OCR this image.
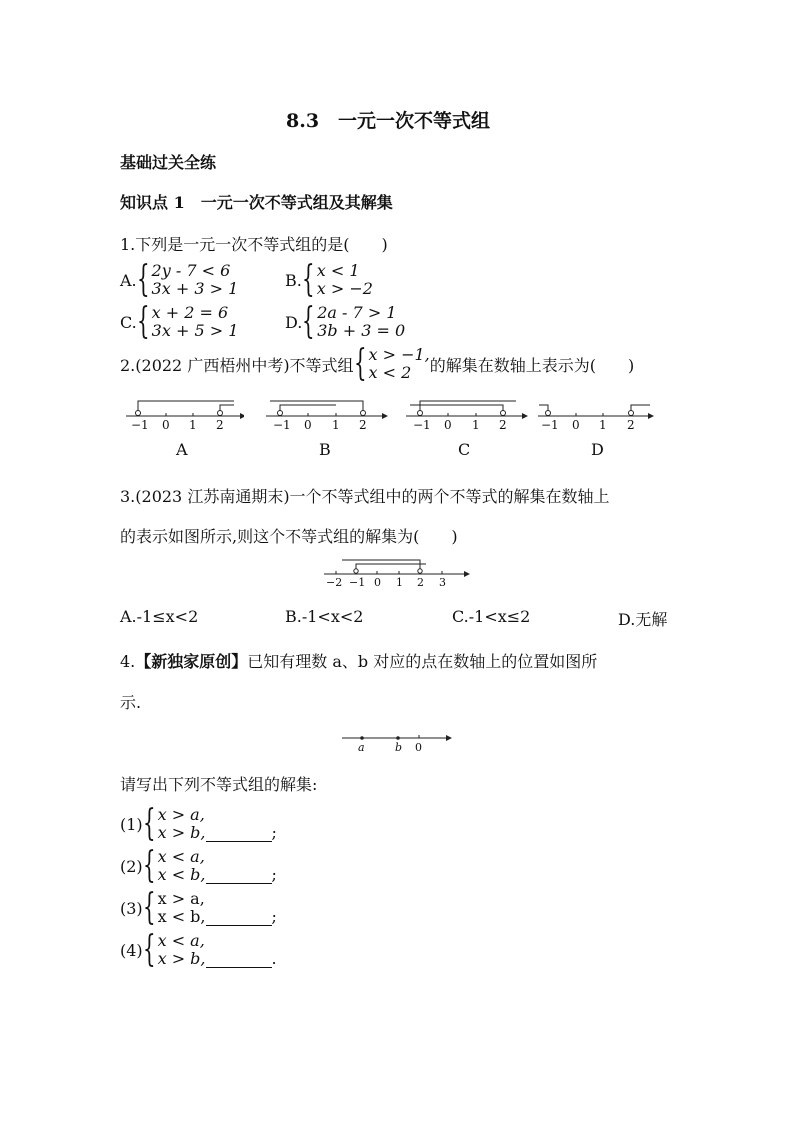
8.3　一元一次不等式组
基础过关全练
知识点 1　一元一次不等式组及其解集
1.下列是一元一次不等式组的是(　　)
A. { 2y - 7 < 6
3x + 3 > 1	B. { x < 1
x > −2
C. { x + 2 = 6
3x + 5 > 1	D. { 2a - 7 > 1
3b + 3 = 0
2.(2022 广西梧州中考)不等式组 { x > −1,
x < 2	的解集在数轴上表示为(　　)
−1 0 1 2	−1 0 1 2	−1 0 1 2	−1 0 1 2
A	B	C	D
3.(2023 江苏南通期末)一个不等式组中的两个不等式的解集在数轴上
的表示如图所示,则这个不等式组的解集为(　　)
−2 −1 0 1 2 3
A.-1≤x<2	B.-1<x<2	C.-1<x≤2	D.无解
4.【新独家原创】已知有理数 a、b 对应的点在数轴上的位置如图所
示.
a	b 0
请写出下列不等式组的解集:
(1) { x > a,
x > b,	;
(2) { x < a,
x < b,	;
(3) { x > a,
x < b,	;
(4) { x < a,
x > b,	.
